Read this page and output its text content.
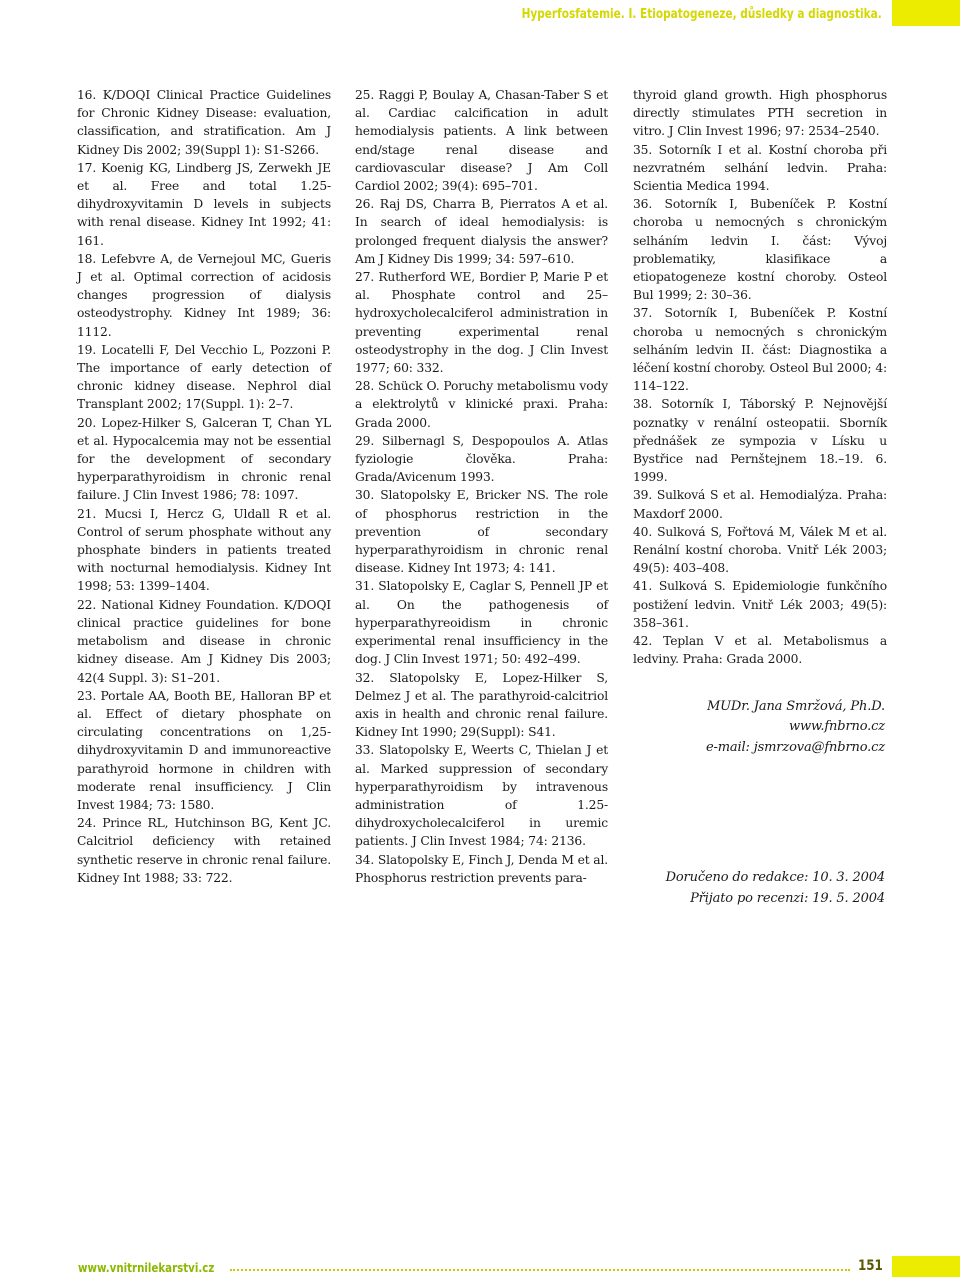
Hyperfosfatemie. I. Etiopatogeneze, důsledky a diagnostika.

16. K/DOQI Clinical Practice Guidelines for Chronic Kidney Disease: evaluation, classification, and stratification. Am J Kidney Dis 2002; 39(Suppl 1): S1-S266.

17. Koenig KG, Lindberg JS, Zerwekh JE et al. Free and total 1.25-dihydroxyvitamin D levels in subjects with renal disease. Kidney Int 1992; 41: 161.

18. Lefebvre A, de Vernejoul MC, Gueris J et al. Optimal correction of acidosis changes progression of dialysis osteodystrophy. Kidney Int 1989; 36: 1112.

19. Locatelli F, Del Vecchio L, Pozzoni P. The importance of early detection of chronic kidney disease. Nephrol dial Transplant 2002; 17(Suppl. 1): 2–7.

20. Lopez-Hilker S, Galceran T, Chan YL et al. Hypocalcemia may not be essential for the development of secondary hyperparathyroidism in chronic renal failure. J Clin Invest 1986; 78: 1097.

21. Mucsi I, Hercz G, Uldall R et al. Control of serum phosphate without any phosphate binders in patients treated with nocturnal hemodialysis. Kidney Int 1998; 53: 1399–1404.

22. National Kidney Foundation. K/DOQI clinical practice guidelines for bone metabolism and disease in chronic kidney disease. Am J Kidney Dis 2003; 42(4 Suppl. 3): S1–201.

23. Portale AA, Booth BE, Halloran BP et al. Effect of dietary phosphate on circulating concentrations on 1,25-dihydroxyvitamin D and immunoreactive parathyroid hormone in children with moderate renal insufficiency. J Clin Invest 1984; 73: 1580.

24. Prince RL, Hutchinson BG, Kent JC. Calcitriol deficiency with retained synthetic reserve in chronic renal failure. Kidney Int 1988; 33: 722.

25. Raggi P, Boulay A, Chasan-Taber S et al. Cardiac calcification in adult hemodialysis patients. A link between end/stage renal disease and cardiovascular disease? J Am Coll Cardiol 2002; 39(4): 695–701.

26. Raj DS, Charra B, Pierratos A et al. In search of ideal hemodialysis: is prolonged frequent dialysis the answer? Am J Kidney Dis 1999; 34: 597–610.

27. Rutherford WE, Bordier P, Marie P et al. Phosphate control and 25–hydroxycholecalciferol administration in preventing experimental renal osteodystrophy in the dog. J Clin Invest 1977; 60: 332.

28. Schück O. Poruchy metabolismu vody a elektrolytů v klinické praxi. Praha: Grada 2000.

29. Silbernagl S, Despopoulos A. Atlas fyziologie člověka. Praha: Grada/Avicenum 1993.

30. Slatopolsky E, Bricker NS. The role of phosphorus restriction in the prevention of secondary hyperparathyroidism in chronic renal disease. Kidney Int 1973; 4: 141.

31. Slatopolsky E, Caglar S, Pennell JP et al. On the pathogenesis of hyperparathyreoidism in chronic experimental renal insufficiency in the dog. J Clin Invest 1971; 50: 492–499.

32. Slatopolsky E, Lopez-Hilker S, Delmez J et al. The parathyroid-calcitriol axis in health and chronic renal failure. Kidney Int 1990; 29(Suppl): S41.

33. Slatopolsky E, Weerts C, Thielan J et al. Marked suppression of secondary hyperparathyroidism by intravenous administration of 1.25-dihydroxycholecalciferol in uremic patients. J Clin Invest 1984; 74: 2136.

34. Slatopolsky E, Finch J, Denda M et al. Phosphorus restriction prevents para-

thyroid gland growth. High phosphorus directly stimulates PTH secretion in vitro. J Clin Invest 1996; 97: 2534–2540.

35. Sotorník I et al. Kostní choroba při nezvratném selhání ledvin. Praha: Scientia Medica 1994.

36. Sotorník I, Bubeníček P. Kostní choroba u nemocných s chronickým selháním ledvin I. část: Vývoj problematiky, klasifikace a etiopatogeneze kostní choroby. Osteol Bul 1999; 2: 30–36.

37. Sotorník I, Bubeníček P. Kostní choroba u nemocných s chronickým selháním ledvin II. část: Diagnostika a léčení kostní choroby. Osteol Bul 2000; 4: 114–122.

38. Sotorník I, Táborský P. Nejnovější poznatky v renální osteopatii. Sborník přednášek ze sympozia v Lísku u Bystřice nad Pernštejnem 18.–19. 6. 1999.

39. Sulková S et al. Hemodialýza. Praha: Maxdorf 2000.

40. Sulková S, Fořtová M, Válek M et al. Renální kostní choroba. Vnitř Lék 2003; 49(5): 403–408.

41. Sulková S. Epidemiologie funkčního postižení ledvin. Vnitř Lék 2003; 49(5): 358–361.

42. Teplan V et al. Metabolismus a ledviny. Praha: Grada 2000.

MUDr. Jana Smržová, Ph.D.
www.fnbrno.cz
e-mail: jsmrzova@fnbrno.cz
Doručeno do redakce: 10. 3. 2004
Přijato po recenzi: 19. 5. 2004
www.vnitrnilekarstvi.cz	151
